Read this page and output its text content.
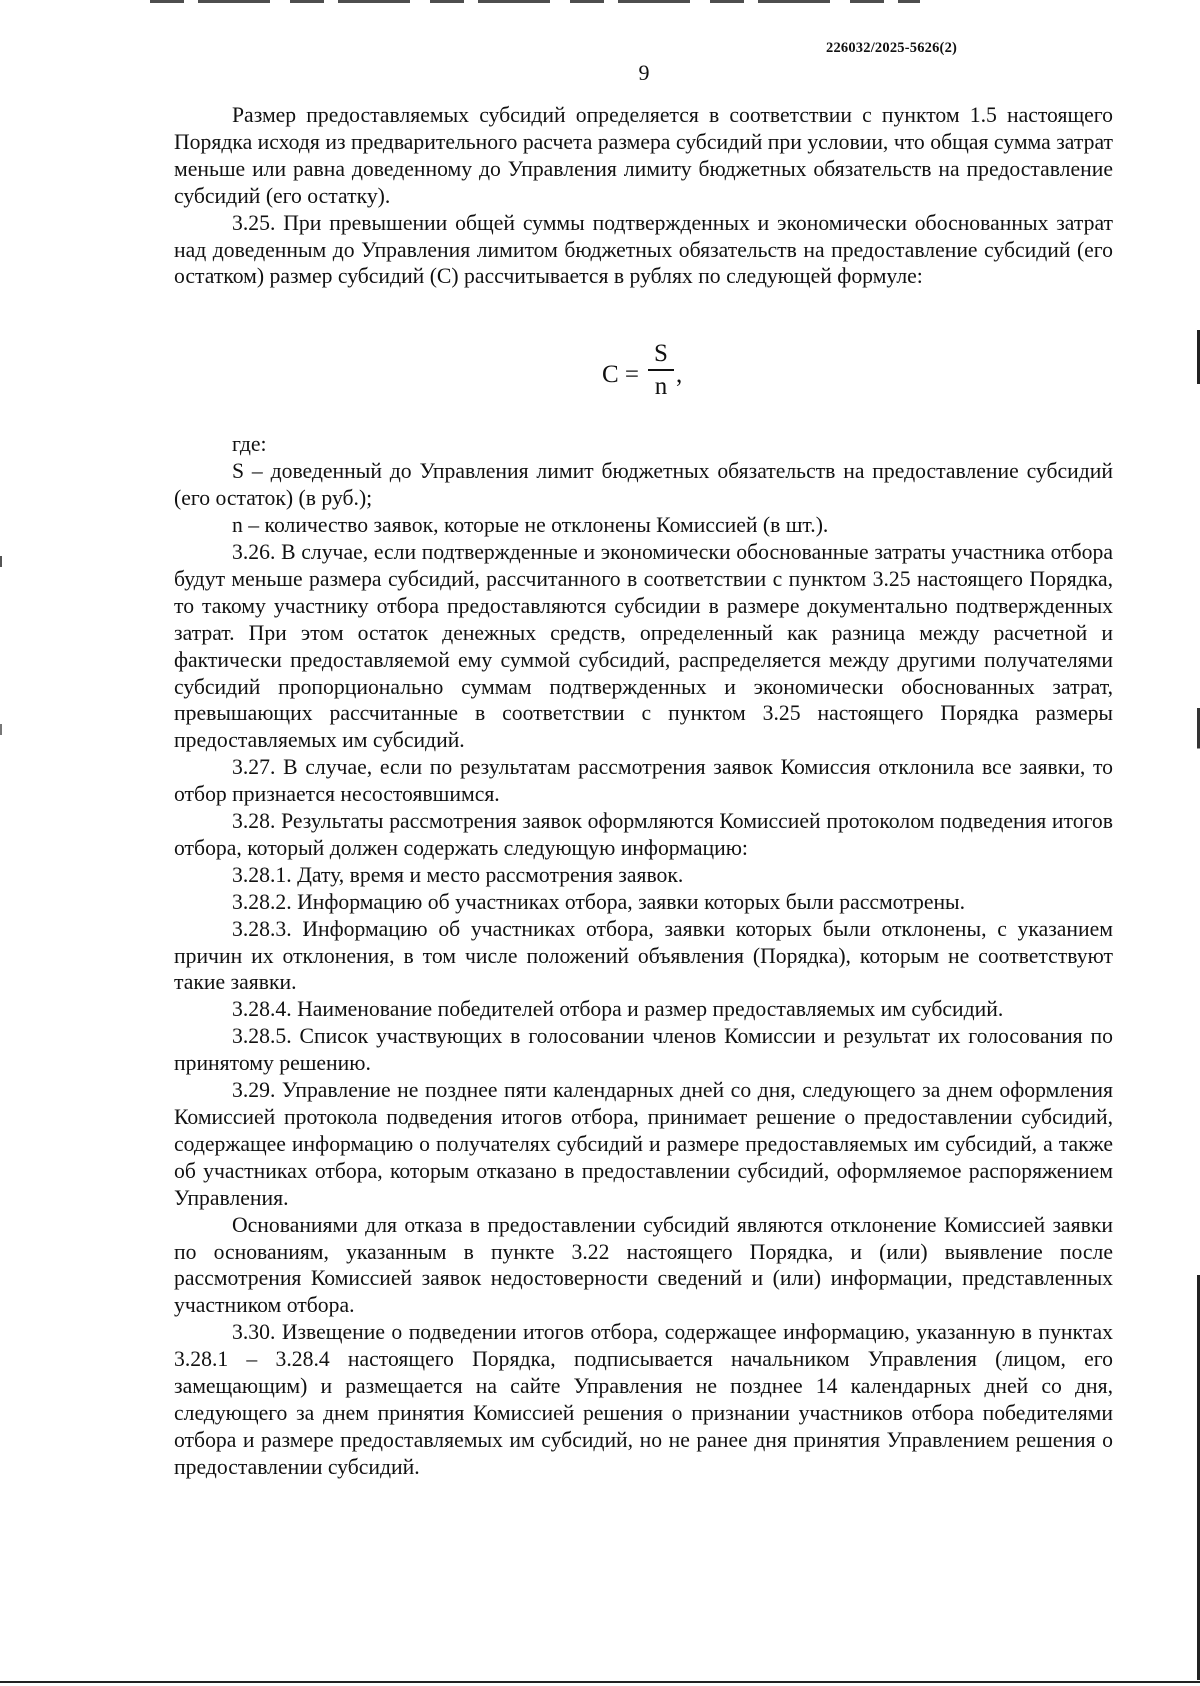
226032/2025-5626(2)
9

Размер предоставляемых субсидий определяется в соответствии с пунктом 1.5 настоящего Порядка исходя из предварительного расчета размера субсидий при условии, что общая сумма затрат меньше или равна доведенному до Управления лимиту бюджетных обязательств на предоставление субсидий (его остатку).

3.25. При превышении общей суммы подтвержденных и экономически обоснованных затрат над доведенным до Управления лимитом бюджетных обязательств на предоставление субсидий (его остатком) размер субсидий (С) рассчитывается в рублях по следующей формуле:

C =
S
n ,

где:

S – доведенный до Управления лимит бюджетных обязательств на предоставление субсидий (его остаток) (в руб.);

n – количество заявок, которые не отклонены Комиссией (в шт.).

3.26. В случае, если подтвержденные и экономически обоснованные затраты участника отбора будут меньше размера субсидий, рассчитанного в соответствии с пунктом 3.25 настоящего Порядка, то такому участнику отбора предоставляются субсидии в размере документально подтвержденных затрат. При этом остаток денежных средств, определенный как разница между расчетной и фактически предоставляемой ему суммой субсидий, распределяется между другими получателями субсидий пропорционально суммам подтвержденных и экономически обоснованных затрат, превышающих рассчитанные в соответствии с пунктом 3.25 настоящего Порядка размеры предоставляемых им субсидий.

3.27. В случае, если по результатам рассмотрения заявок Комиссия отклонила все заявки, то отбор признается несостоявшимся.

3.28. Результаты рассмотрения заявок оформляются Комиссией протоколом подведения итогов отбора, который должен содержать следующую информацию:

3.28.1. Дату, время и место рассмотрения заявок.

3.28.2. Информацию об участниках отбора, заявки которых были рассмотрены.

3.28.3. Информацию об участниках отбора, заявки которых были отклонены, с указанием причин их отклонения, в том числе положений объявления (Порядка), которым не соответствуют такие заявки.

3.28.4. Наименование победителей отбора и размер предоставляемых им субсидий.

3.28.5. Список участвующих в голосовании членов Комиссии и результат их голосования по принятому решению.

3.29. Управление не позднее пяти календарных дней со дня, следующего за днем оформления Комиссией протокола подведения итогов отбора, принимает решение о предоставлении субсидий, содержащее информацию о получателях субсидий и размере предоставляемых им субсидий, а также об участниках отбора, которым отказано в предоставлении субсидий, оформляемое распоряжением Управления.

Основаниями для отказа в предоставлении субсидий являются отклонение Комиссией заявки по основаниям, указанным в пункте 3.22 настоящего Порядка, и (или) выявление после рассмотрения Комиссией заявок недостоверности сведений и (или) информации, представленных участником отбора.

3.30. Извещение о подведении итогов отбора, содержащее информацию, указанную в пунктах 3.28.1 – 3.28.4 настоящего Порядка, подписывается начальником Управления (лицом, его замещающим) и размещается на сайте Управления не позднее 14 календарных дней со дня, следующего за днем принятия Комиссией решения о признании участников отбора победителями отбора и размере предоставляемых им субсидий, но не ранее дня принятия Управлением решения о предоставлении субсидий.
